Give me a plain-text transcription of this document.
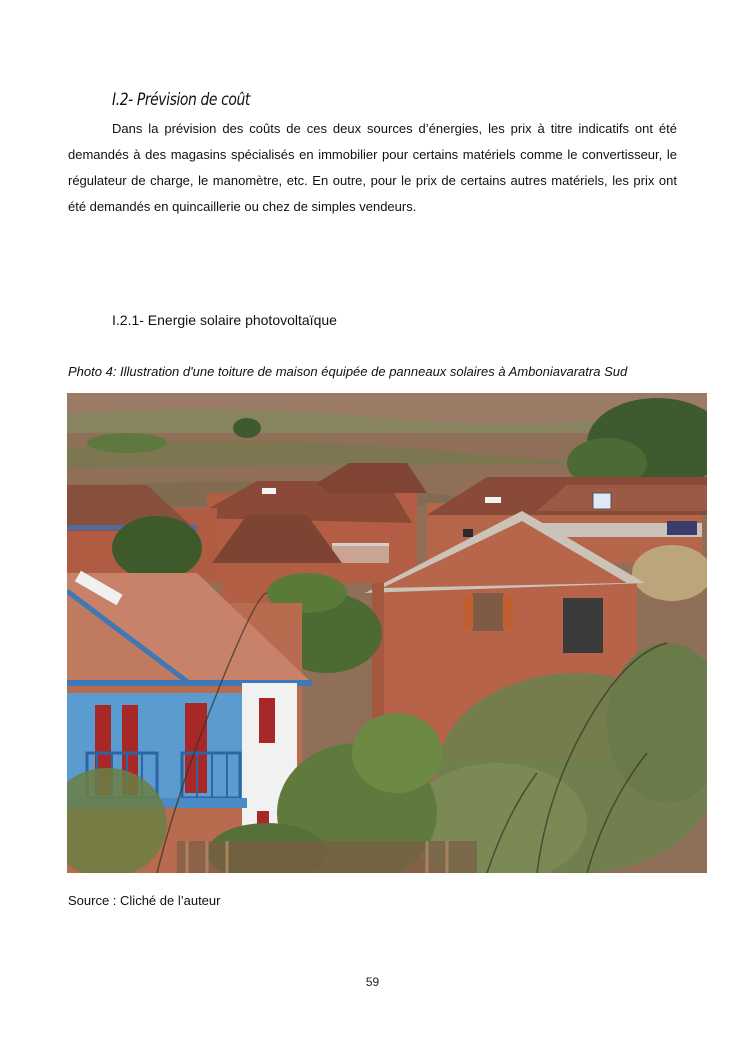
I.2- Prévision de coût

Dans la prévision des coûts de ces deux sources d’énergies, les prix à titre indicatifs ont été demandés à des magasins spécialisés en immobilier pour certains matériels comme le convertisseur, le régulateur de charge, le manomètre, etc. En outre, pour le prix de certains autres matériels, les prix ont été demandés en quincaillerie ou chez de simples vendeurs.

I.2.1- Energie solaire photovoltaïque
Photo 4: Illustration d'une toiture de maison équipée de panneaux solaires à Amboniavaratra Sud
Source : Cliché de l’auteur
59
